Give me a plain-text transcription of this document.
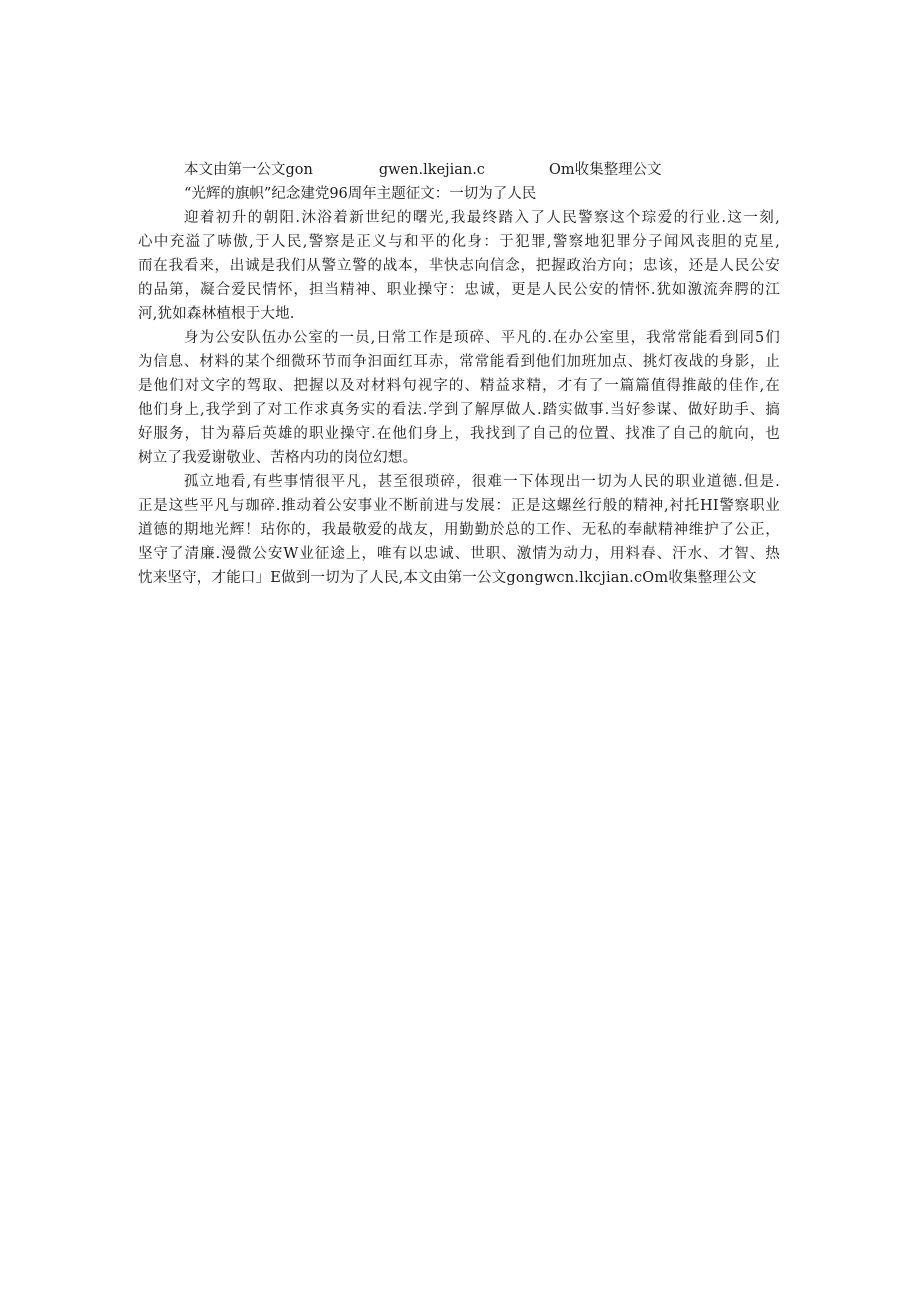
本文由第一公文gon	gwen.lkejian.c	Om收集整理公文
“光辉的旗帜”纪念建党96周年主题征文：一切为了人民
迎着初升的朝阳.沐浴着新世纪的曙光,我最终踏入了人民警察这个琮爱的行业.这一刻,
心中充溢了哧傲,于人民,警察是正义与和平的化身：于犯罪,警察地犯罪分子闻风丧胆的克星,
而在我看来，出诚是我们从警立警的战本，芈快志向信念，把握政治方向；忠该，还是人民公安
的品第，凝合爱民情怀，担当精神、职业操守：忠诚，更是人民公安的情怀.犹如激流奔腭的江
河,犹如森林植根于大地.
身为公安队伍办公室的一员,日常工作是顼碎、平凡的.在办公室里，我常常能看到同5们
为信息、材料的某个细微环节而争汩面红耳赤，常常能看到他们加班加点、挑灯夜战的身影，止
是他们对文字的驾取、把握以及对材料句视字的、精益求精，才有了一篇篇值得推敲的佳作,在
他们身上,我学到了对工作求真务实的看法.学到了解厚做人.踏实做事.当好参谋、做好助手、搞
好服务，甘为幕后英雄的职业操守.在他们身上，我找到了自己的位置、找准了自己的航向，也
树立了我爱谢敬业、苦格内功的岗位幻想。
孤立地看,有些事情很平凡，甚至很琐碎，很难一下体现出一切为人民的职业道德.但是.
正是这些平凡与珈碎.推动着公安事业不断前进与发展：正是这螺丝行般的精神,衬托HI警察职业
道德的期地光辉！玷你的，我最敬爱的战友，用勤勤於总的工作、无私的奉献精神维护了公正，
坚守了清廉.漫微公安W业征途上，唯有以忠诚、世职、激情为动力，用料春、汗水、才智、热
忱来坚守，才能口」E做到一切为了人民,本文由第一公文gongwcn.lkcjian.cOm收集整理公文
